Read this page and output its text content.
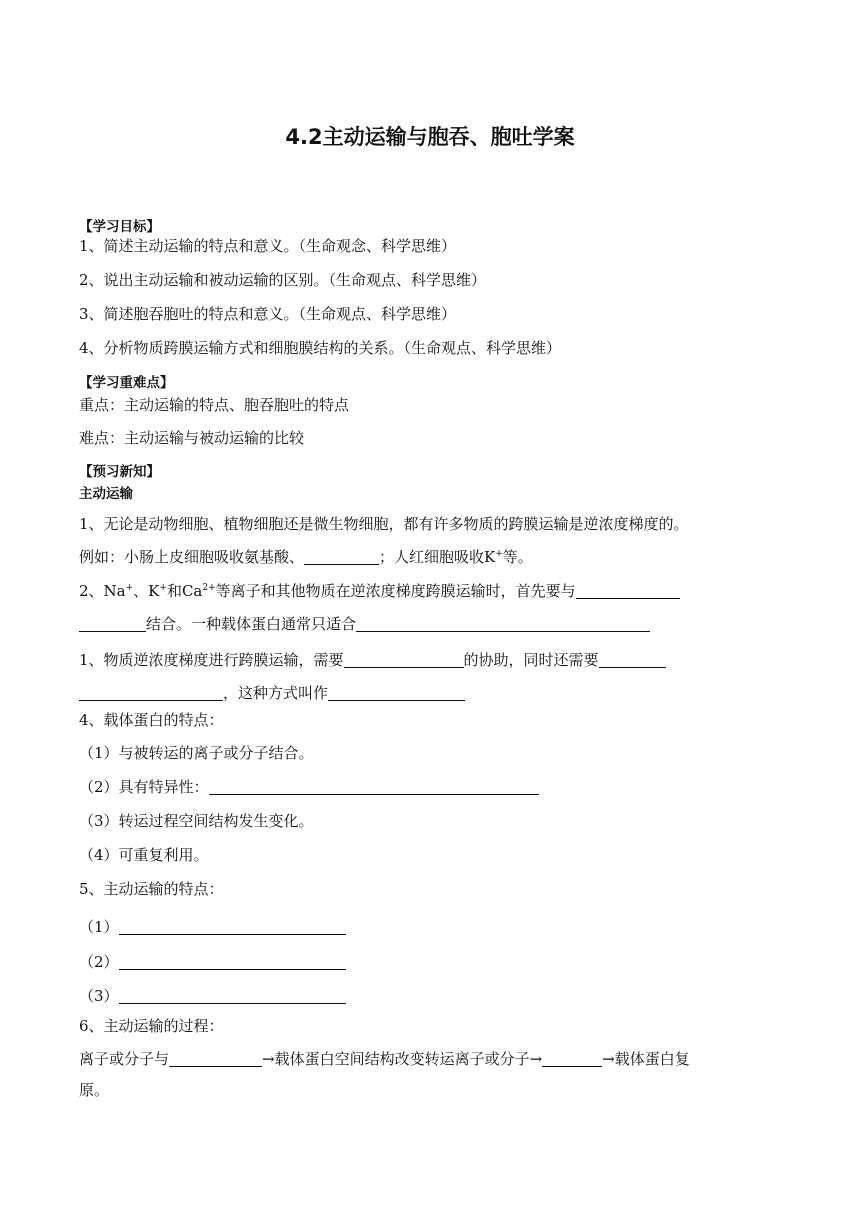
4.2主动运输与胞吞、胞吐学案
【学习目标】
1、简述主动运输的特点和意义。（生命观念、科学思维）
2、说出主动运输和被动运输的区别。（生命观点、科学思维）
3、简述胞吞胞吐的特点和意义。（生命观点、科学思维）
4、分析物质跨膜运输方式和细胞膜结构的关系。（生命观点、科学思维）
【学习重难点】
重点：主动运输的特点、胞吞胞吐的特点
难点：主动运输与被动运输的比较
【预习新知】
主动运输
1、无论是动物细胞、植物细胞还是微生物细胞，都有许多物质的跨膜运输是逆浓度梯度的。
例如：小肠上皮细胞吸收氨基酸、	；人红细胞吸收K+等。
2、Na+、K+和$Ca^{2+}$等离子和其他物质在逆浓度梯度跨膜运输时，首先要与
结合。一种载体蛋白通常只适合
1、物质逆浓度梯度进行跨膜运输，需要	的协助，同时还需要
，这种方式叫作
4、载体蛋白的特点：
（1）与被转运的离子或分子结合。
（2）具有特异性：
（3）转运过程空间结构发生变化。
（4）可重复利用。
5、主动运输的特点：
（1）
（2）
（3）
6、主动运输的过程：
离子或分子与	→载体蛋白空间结构改变转运离子或分子→	→载体蛋白复
原。
